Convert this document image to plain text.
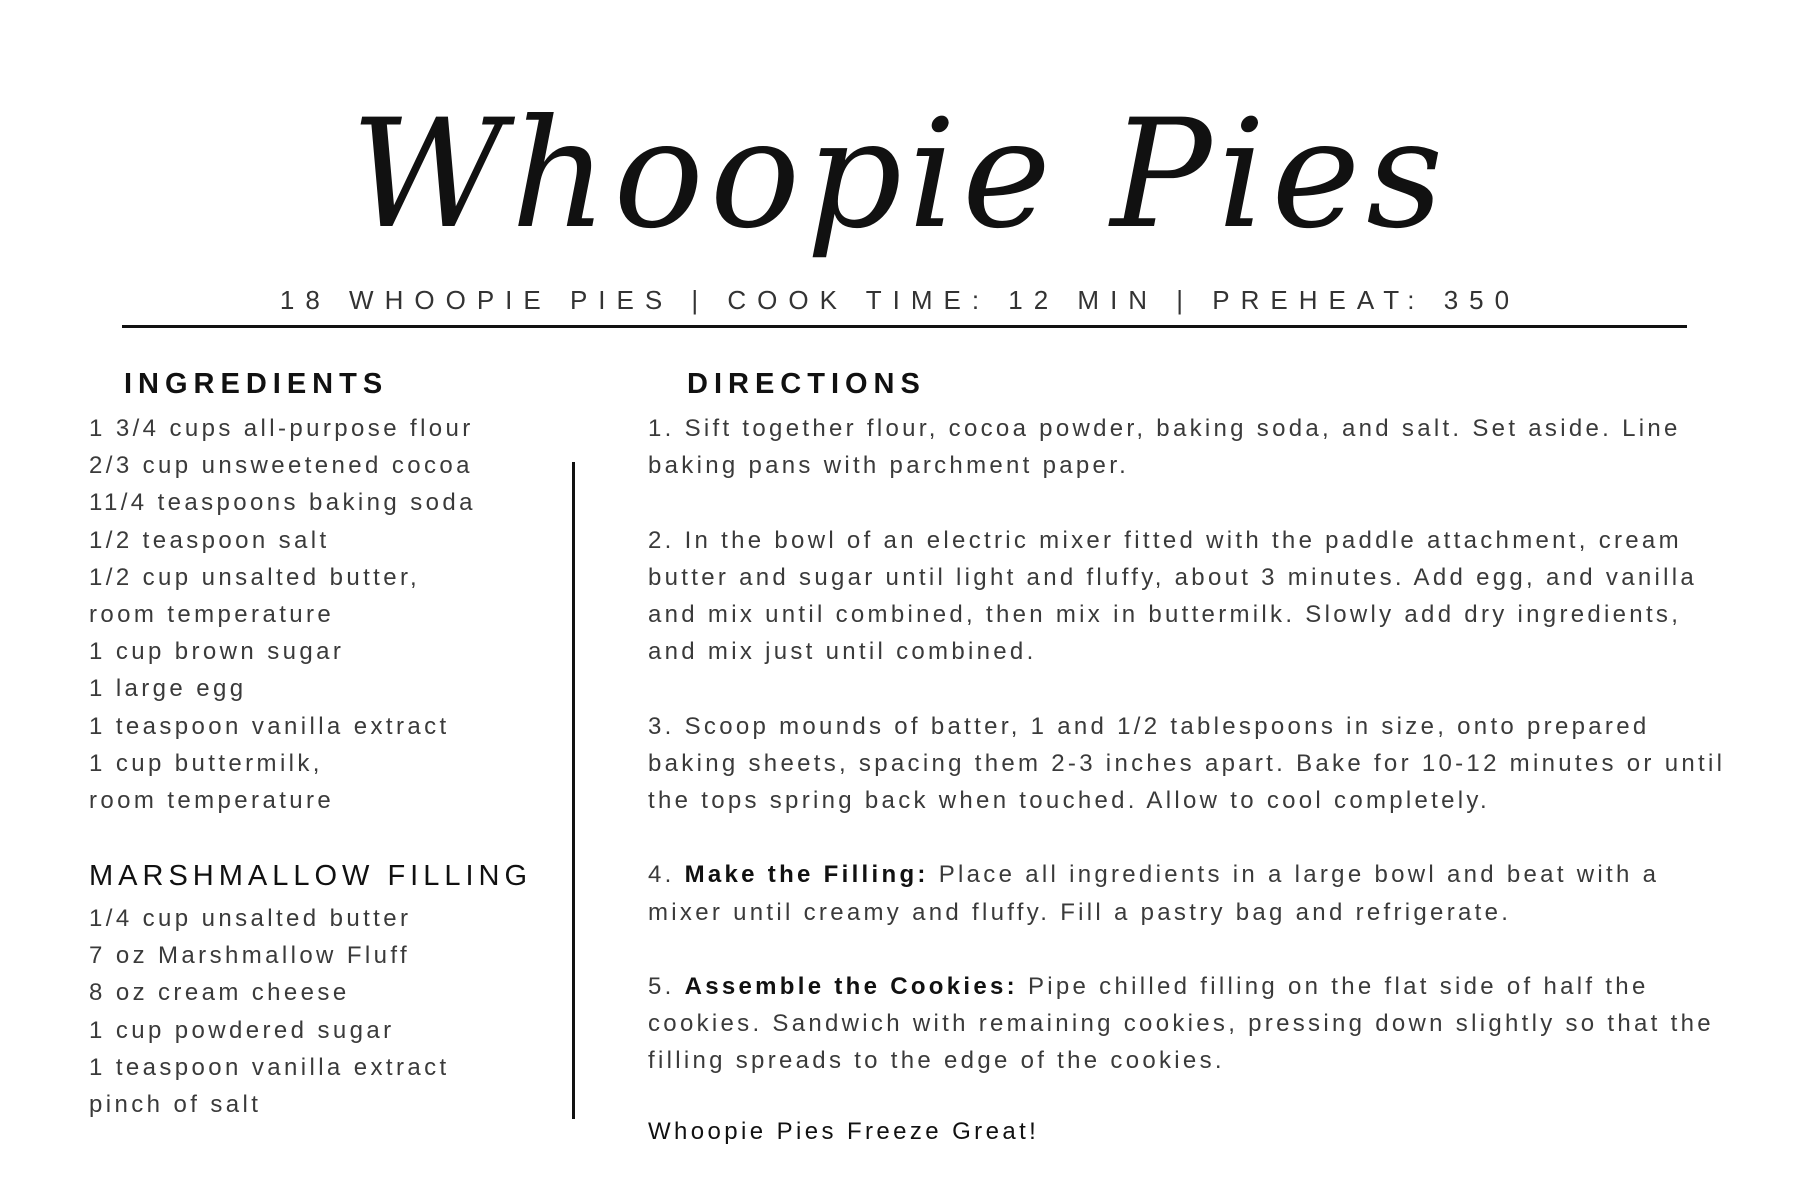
Whoopie Pies
18 WHOOPIE PIES | COOK TIME: 12 MIN | PREHEAT: 350
INGREDIENTS
1 3/4 cups all-purpose flour
2/3 cup unsweetened cocoa
11/4 teaspoons baking soda
1/2 teaspoon salt
1/2 cup unsalted butter,
room temperature
1 cup brown sugar
1 large egg
1 teaspoon vanilla extract
1 cup buttermilk,
room temperature
MARSHMALLOW FILLING
1/4 cup unsalted butter
7 oz Marshmallow Fluff
8 oz cream cheese
1 cup powdered sugar
1 teaspoon vanilla extract
pinch of salt
DIRECTIONS

1. Sift together flour, cocoa powder, baking soda, and salt. Set aside. Line baking pans with parchment paper.

2. In the bowl of an electric mixer fitted with the paddle attachment, cream butter and sugar until light and fluffy, about 3 minutes. Add egg, and vanilla and mix until combined, then mix in buttermilk. Slowly add dry ingredients, and mix just until combined.

3. Scoop mounds of batter, 1 and 1/2 tablespoons in size, onto prepared baking sheets, spacing them 2-3 inches apart. Bake for 10-12 minutes or until the tops spring back when touched. Allow to cool completely.

4. Make the Filling: Place all ingredients in a large bowl and beat with a mixer until creamy and fluffy. Fill a pastry bag and refrigerate.

5. Assemble the Cookies: Pipe chilled filling on the flat side of half the cookies. Sandwich with remaining cookies, pressing down slightly so that the filling spreads to the edge of the cookies.

Whoopie Pies Freeze Great!
